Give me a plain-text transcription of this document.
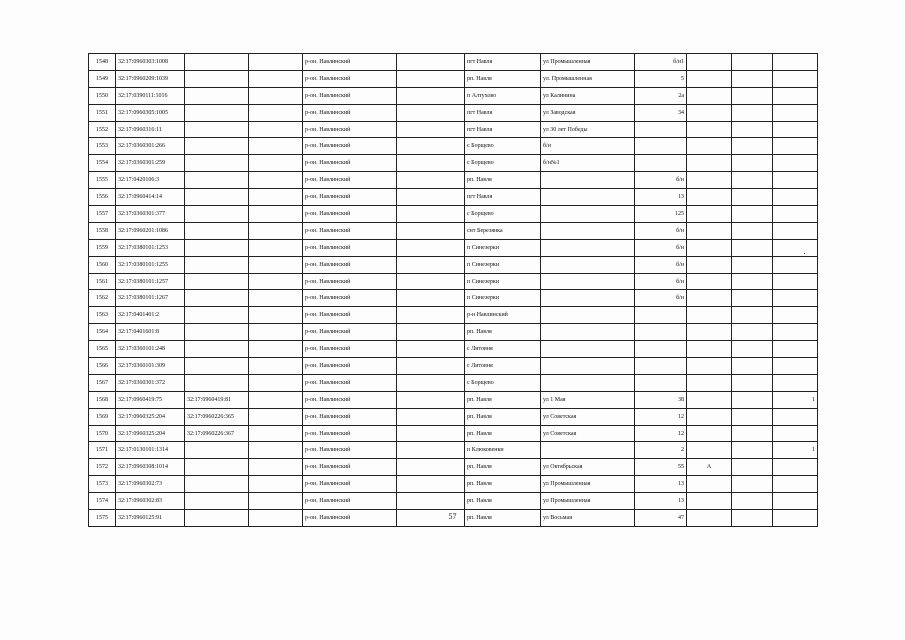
1548	32:17:0960303:1008			р-он. Навлинский		пгт Навля	ул Промышленная	б/н1			
1549	32:17:0960209:1039			р-он. Навлинский		рп. Навля	ул. Промышленная	5			
1550	32:17:0390111:1016			р-он. Навлинский		п Алтухово	ул Калинина	2а			
1551	32:17:0960305:1005			р-он. Навлинский		пгт Навля	ул Заводская	34			
1552	32:17:0960316:11			р-он. Навлинский		пгт Навля	ул 30 лет Победы				
1553	32:17:0360301:266			р-он. Навлинский		с Борщево	б/н				
1554	32:17:0360301:259			р-он. Навлинский		с Борщево	б/н№1				
1555	32:17:0420106:3			р-он. Навлинский		рп. Навля		б/н			
1556	32:17:0960414:14			р-он. Навлинский		пгт Навля		13			
1557	32:17:0360301:377			р-он. Навлинский		с Борщево		125			
1558	32:17:0960201:1086			р-он. Навлинский		снт Березянка		б/н			
1559	32:17:0380101:1253			р-он. Навлинский		п Синезерки		б/н			
1560	32:17:0380101:1255			р-он. Навлинский		п Синезерки		б/н			
1561	32:17:0380101:1257			р-он. Навлинский		п Синезерки		б/н			
1562	32:17:0380101:1267			р-он. Навлинский		п Синезерки		б/н			
1563	32:17:0401401:2			р-он. Навлинский		р-н Навлинский					
1564	32:17:0401601:8			р-он. Навлинский		рп. Навля					
1565	32:17:0360101:248			р-он. Навлинский		с Литовня					
1566	32:17:0360101:309			р-он. Навлинский		с Литовня					
1567	32:17:0360301:372			р-он. Навлинский		с Борщево					
1568	32:17:0960419:75	32:17:0960419:81		р-он. Навлинский		рп. Навля	ул 1 Мая	38			1
1569	32:17:0960325:204	32:17:0960226:365		р-он. Навлинский		рп. Навля	ул Советская	12			
1570	32:17:0960325:204	32:17:0960226:367		р-он. Навлинский		рп. Навля	ул Советская	12			
1571	32:17:0130101:1314			р-он. Навлинский		п Клюковенки		2			1
1572	32:17:0960308:1014			р-он. Навлинский		рп. Навля	ул Октябрьская	55	А		
1573	32:17:0960302:73			р-он. Навлинский		рп. Навля	ул Промышленная	13			
1574	32:17:0960302:83			р-он. Навлинский		рп. Навля	ул Промышленная	13			
1575	32:17:0960125:91			р-он. Навлинский		рп. Навля	ул Восьмая	47			
57
